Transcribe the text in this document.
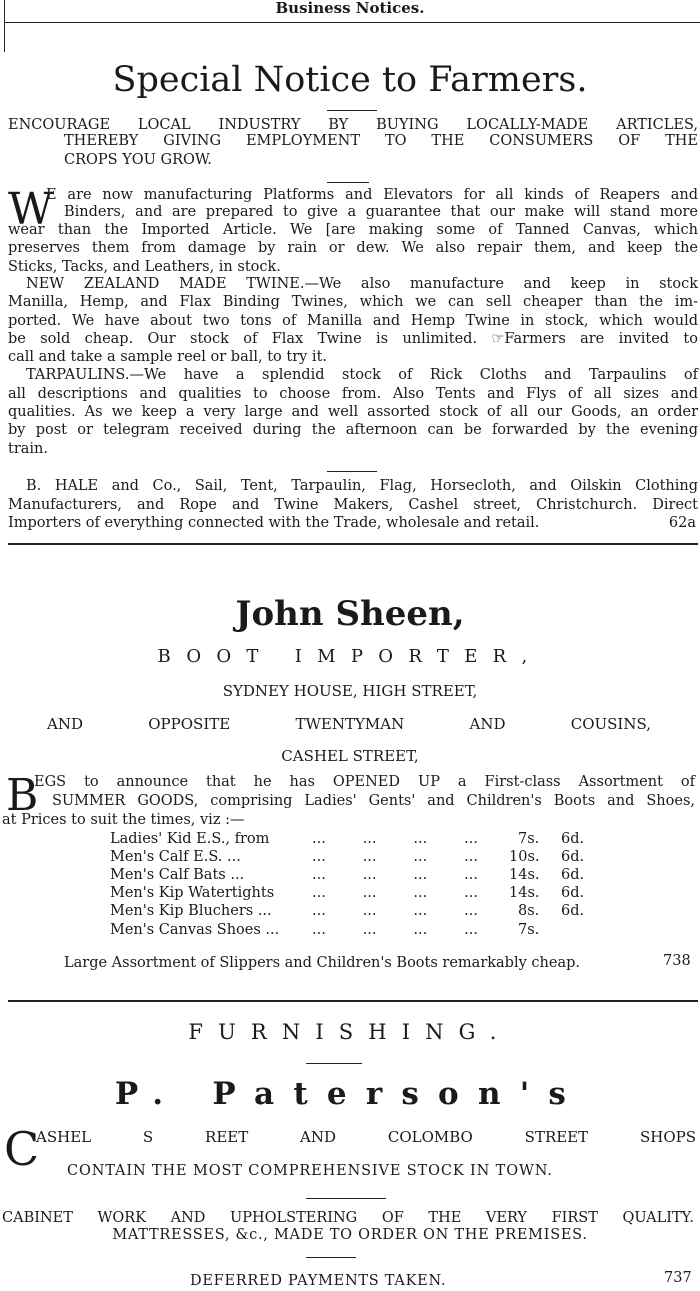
Business Notices.
Special Notice to Farmers.
ENCOURAGE LOCAL INDUSTRY BY BUYING LOCALLY-MADE ARTICLES,
THEREBY GIVING EMPLOYMENT TO THE CONSUMERS OF THE
CROPS YOU GROW.
W
E are now manufacturing Platforms and Elevators for all kinds of Reapers and
Binders, and are prepared to give a guarantee that our make will stand more
wear than the Imported Article. We [are making some of Tanned Canvas, which
preserves them from damage by rain or dew. We also repair them, and keep the
Sticks, Tacks, and Leathers, in stock.
NEW ZEALAND MADE TWINE.—We also manufacture and keep in stock
Manilla, Hemp, and Flax Binding Twines, which we can sell cheaper than the im-
ported. We have about two tons of Manilla and Hemp Twine in stock, which would
be sold cheap. Our stock of Flax Twine is unlimited. ☞Farmers are invited to
call and take a sample reel or ball, to try it.
TARPAULINS.—We have a splendid stock of Rick Cloths and Tarpaulins of
all descriptions and qualities to choose from. Also Tents and Flys of all sizes and
qualities. As we keep a very large and well assorted stock of all our Goods, an order
by post or telegram received during the afternoon can be forwarded by the evening
train.
B. HALE and Co., Sail, Tent, Tarpaulin, Flag, Horsecloth, and Oilskin Clothing
Manufacturers, and Rope and Twine Makers, Cashel street, Christchurch. Direct
Importers of everything connected with the Trade, wholesale and retail.	62a
John Sheen,
BOOT IMPORTER,
SYDNEY HOUSE, HIGH STREET,
AND OPPOSITE TWENTYMAN AND COUSINS,
CASHEL STREET,
B
EGS to announce that he has OPENED UP a First-class Assortment of
SUMMER GOODS, comprising Ladies' Gents' and Children's Boots and Shoes,
at Prices to suit the times, viz :—
Ladies' Kid E.S., from	...        ...        ...        ...	7s. 6d.
Men's Calf E.S. ...	...        ...        ...        ... 10s. 6d.
Men's Calf Bats ...	...        ...        ...        ... 14s. 6d.
Men's Kip Watertights	...        ...        ...        ... 14s. 6d.
Men's Kip Bluchers ...	...        ...        ...        ...	8s. 6d.
Men's Canvas Shoes ... ...        ...        ...        ...	7s.
Large Assortment of Slippers and Children's Boots remarkably cheap.	738
FURNISHING.
P. Paterson's
C
ASHEL S REET AND COLOMBO STREET SHOPS
CONTAIN THE MOST COMPREHENSIVE STOCK IN TOWN.
CABINET WORK AND UPHOLSTERING OF THE VERY FIRST QUALITY.
MATTRESSES, &c., MADE TO ORDER ON THE PREMISES.
DEFERRED PAYMENTS TAKEN.	737
